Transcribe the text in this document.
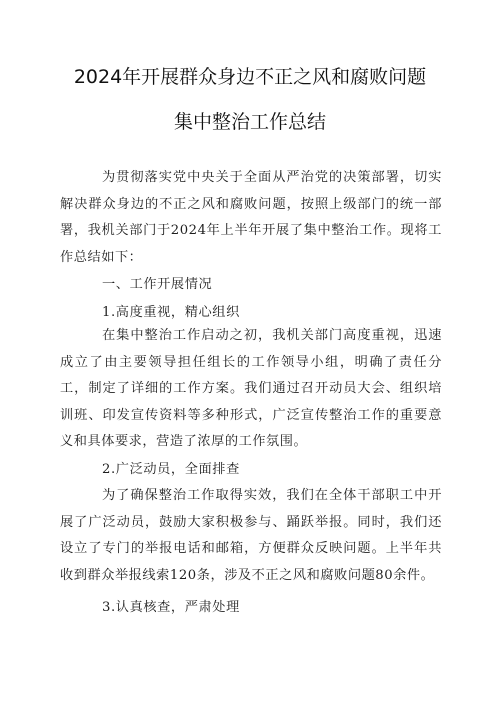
2024年开展群众身边不正之风和腐败问题
集中整治工作总结
为贯彻落实党中央关于全面从严治党的决策部署，切实解决群众身边的不正之风和腐败问题，按照上级部门的统一部署，我机关部门于2024年上半年开展了集中整治工作。现将工作总结如下：
一、工作开展情况
1.高度重视，精心组织
在集中整治工作启动之初，我机关部门高度重视，迅速成立了由主要领导担任组长的工作领导小组，明确了责任分工，制定了详细的工作方案。我们通过召开动员大会、组织培训班、印发宣传资料等多种形式，广泛宣传整治工作的重要意义和具体要求，营造了浓厚的工作氛围。
2.广泛动员，全面排查
为了确保整治工作取得实效，我们在全体干部职工中开展了广泛动员，鼓励大家积极参与、踊跃举报。同时，我们还设立了专门的举报电话和邮箱，方便群众反映问题。上半年共收到群众举报线索120条，涉及不正之风和腐败问题80余件。
3.认真核查，严肃处理
